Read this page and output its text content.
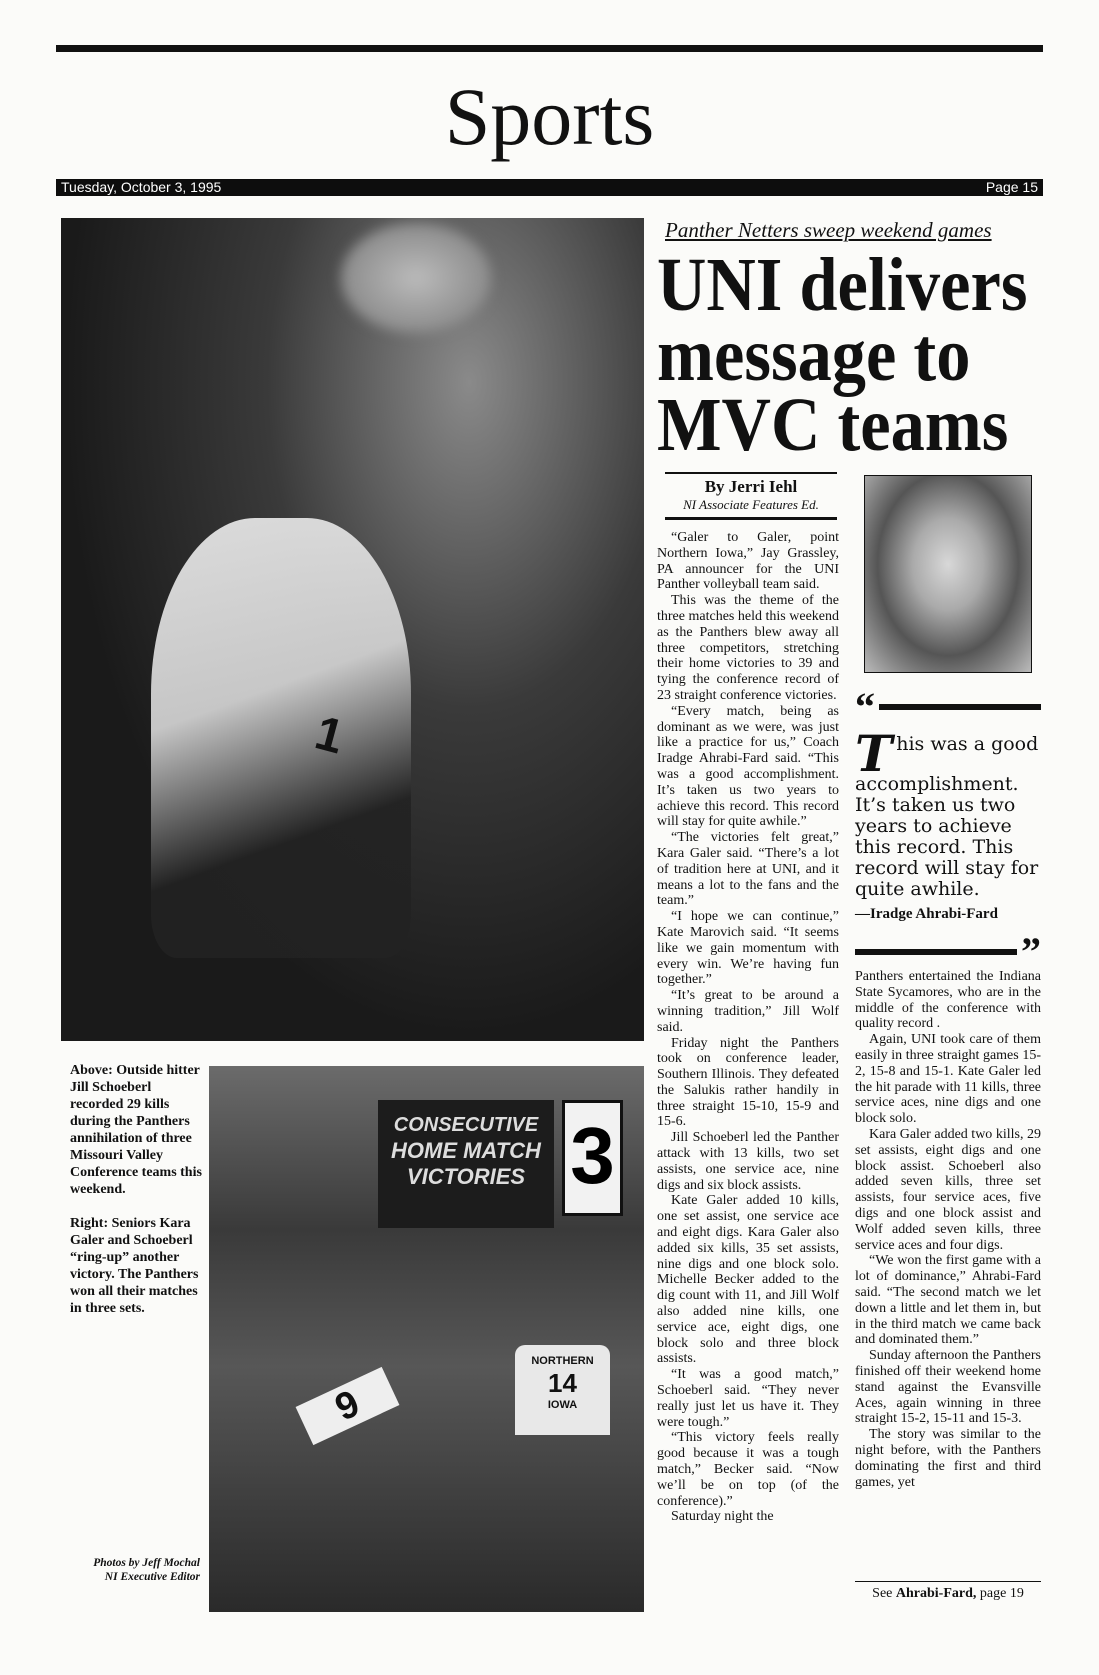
Sports
Tuesday, October 3, 1995	Page 15
1
CONSECUTIVE
HOME MATCH
VICTORIES 3
9
NORTHERN
14
IOWA

Above: Outside hitter Jill Schoeberl recorded 29 kills during the Panthers annihilation of three Missouri Valley Conference teams this weekend.

Right: Seniors Kara Galer and Schoeberl “ring-up” another victory. The Panthers won all their matches in three sets.

Photos by Jeff Mochal
NI Executive Editor
Panther Netters sweep weekend games
UNI delivers message to MVC teams
By Jerri Iehl
NI Associate Features Ed.

“Galer to Galer, point Northern Iowa,” Jay Grassley, PA announcer for the UNI Panther volleyball team said.

This was the theme of the three matches held this weekend as the Panthers blew away all three competitors, stretching their home victories to 39 and tying the conference record of 23 straight conference victories.

“Every match, being as dominant as we were, was just like a practice for us,” Coach Iradge Ahrabi-Fard said. “This was a good accomplishment. It’s taken us two years to achieve this record. This record will stay for quite awhile.”

“The victories felt great,” Kara Galer said. “There’s a lot of tradition here at UNI, and it means a lot to the fans and the team.”

“I hope we can continue,” Kate Marovich said. “It seems like we gain momentum with every win. We’re having fun together.”

“It’s great to be around a winning tradition,” Jill Wolf said.

Friday night the Panthers took on conference leader, Southern Illinois. They defeated the Salukis rather handily in three straight 15-10, 15-9 and 15-6.

Jill Schoeberl led the Panther attack with 13 kills, two set assists, one service ace, nine digs and six block assists.

Kate Galer added 10 kills, one set assist, one service ace and eight digs. Kara Galer also added six kills, 35 set assists, nine digs and one block solo. Michelle Becker added to the dig count with 11, and Jill Wolf also added nine kills, one service ace, eight digs, one block solo and three block assists.

“It was a good match,” Schoeberl said. “They never really just let us have it. They were tough.”

“This victory feels really good because it was a tough match,” Becker said. “Now we’ll be on top (of the conference).”

Saturday night the

“
This was a good accomplishment. It’s taken us two years to achieve this record. This record will stay for quite awhile.
—Iradge Ahrabi-Fard
”

Panthers entertained the Indiana State Sycamores, who are in the middle of the conference with quality record .

Again, UNI took care of them easily in three straight games 15-2, 15-8 and 15-1. Kate Galer led the hit parade with 11 kills, three service aces, nine digs and one block solo.

Kara Galer added two kills, 29 set assists, eight digs and one block assist. Schoeberl also added seven kills, three set assists, four service aces, five digs and one block assist and Wolf added seven kills, three service aces and four digs.

“We won the first game with a lot of dominance,” Ahrabi-Fard said. “The second match we let down a little and let them in, but in the third match we came back and dominated them.”

Sunday afternoon the Panthers finished off their weekend home stand against the Evansville Aces, again winning in three straight 15-2, 15-11 and 15-3.

The story was similar to the night before, with the Panthers dominating the first and third games, yet

See Ahrabi-Fard, page 19
